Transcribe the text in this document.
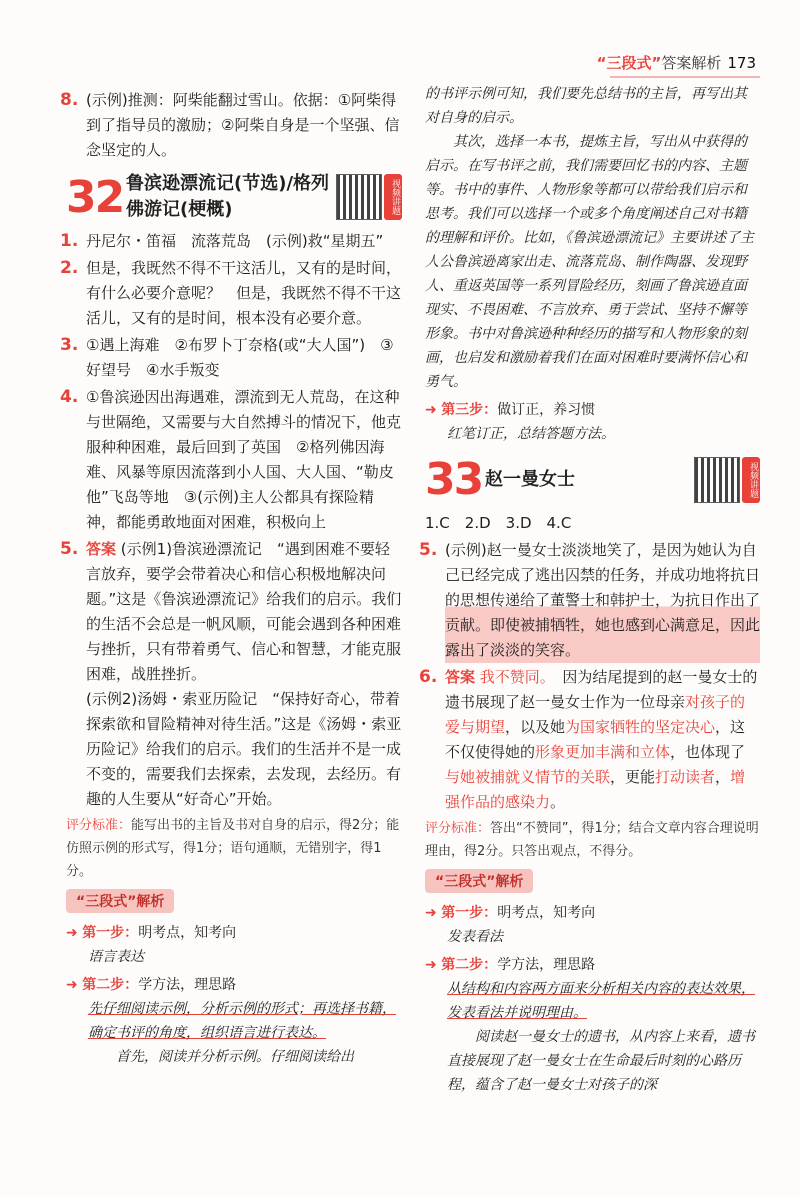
“三段式”答案解析 173
8. (示例)推测：阿柴能翻过雪山。依据：①阿柴得到了指导员的激励；②阿柴自身是一个坚强、信念坚定的人。

32 鲁滨逊漂流记(节选)/格列佛游记(梗概)	视频讲题
1. 丹尼尔・笛福　流落荒岛　(示例)救“星期五”

2. 但是，我既然不得不干这活儿，又有的是时间，有什么必要介意呢？　但是，我既然不得不干这活儿，又有的是时间，根本没有必要介意。

3. ①遇上海难　②布罗卜丁奈格(或“大人国”)　③好望号　④水手叛变

4. ①鲁滨逊因出海遇难，漂流到无人荒岛，在这种与世隔绝，又需要与大自然搏斗的情况下，他克服种种困难，最后回到了英国　②格列佛因海难、风暴等原因流落到小人国、大人国、“勒皮他”飞岛等地　③(示例)主人公都具有探险精神，都能勇敢地面对困难，积极向上

5. 答案 (示例1)鲁滨逊漂流记　“遇到困难不要轻言放弃，要学会带着决心和信心积极地解决问题。”这是《鲁滨逊漂流记》给我们的启示。我们的生活不会总是一帆风顺，可能会遇到各种困难与挫折，只有带着勇气、信心和智慧，才能克服困难，战胜挫折。

(示例2)汤姆・索亚历险记　“保持好奇心，带着探索欲和冒险精神对待生活。”这是《汤姆・索亚历险记》给我们的启示。我们的生活并不是一成不变的，需要我们去探索，去发现，去经历。有趣的人生要从“好奇心”开始。

评分标准：能写出书的主旨及书对自身的启示，得2分；能仿照示例的形式写，得1分；语句通顺，无错别字，得1分。
“三段式”解析
➜ 第一步：明考点，知考向
语言表达
➜ 第二步：学方法，理思路
先仔细阅读示例，分析示例的形式；再选择书籍，确定书评的角度，组织语言进行表达。
首先，阅读并分析示例。仔细阅读给出
的书评示例可知，我们要先总结书的主旨，再写出其对自身的启示。
其次，选择一本书，提炼主旨，写出从中获得的启示。在写书评之前，我们需要回忆书的内容、主题等。书中的事件、人物形象等都可以带给我们启示和思考。我们可以选择一个或多个角度阐述自己对书籍的理解和评价。比如，《鲁滨逊漂流记》主要讲述了主人公鲁滨逊离家出走、流落荒岛、制作陶器、发现野人、重返英国等一系列冒险经历，刻画了鲁滨逊直面现实、不畏困难、不言放弃、勇于尝试、坚持不懈等形象。书中对鲁滨逊种种经历的描写和人物形象的刻画，也启发和激励着我们在面对困难时要满怀信心和勇气。
➜ 第三步：做订正，养习惯
红笔订正，总结答题方法。
33 赵一曼女士	视频讲题
1.C　2.D　3.D　4.C
5. (示例)赵一曼女士淡淡地笑了，是因为她认为自己已经完成了逃出囚禁的任务，并成功地将抗日的思想传递给了董警士和韩护士，为抗日作出了贡献。即使被捕牺牲，她也感到心满意足，因此露出了淡淡的笑容。

6. 答案 我不赞同。　 因为结尾提到的赵一曼女士的遗书展现了赵一曼女士作为一位母亲对孩子的爱与期望，以及她为国家牺牲的坚定决心，这不仅使得她的形象更加丰满和立体，也体现了与她被捕就义情节的关联，更能打动读者，增强作品的感染力。

评分标准：答出“不赞同”，得1分；结合文章内容合理说明理由，得2分。只答出观点，不得分。
“三段式”解析
➜ 第一步：明考点，知考向
发表看法
➜ 第二步：学方法，理思路
从结构和内容两方面来分析相关内容的表达效果，发表看法并说明理由。
阅读赵一曼女士的遗书，从内容上来看，遗书直接展现了赵一曼女士在生命最后时刻的心路历程，蕴含了赵一曼女士对孩子的深
